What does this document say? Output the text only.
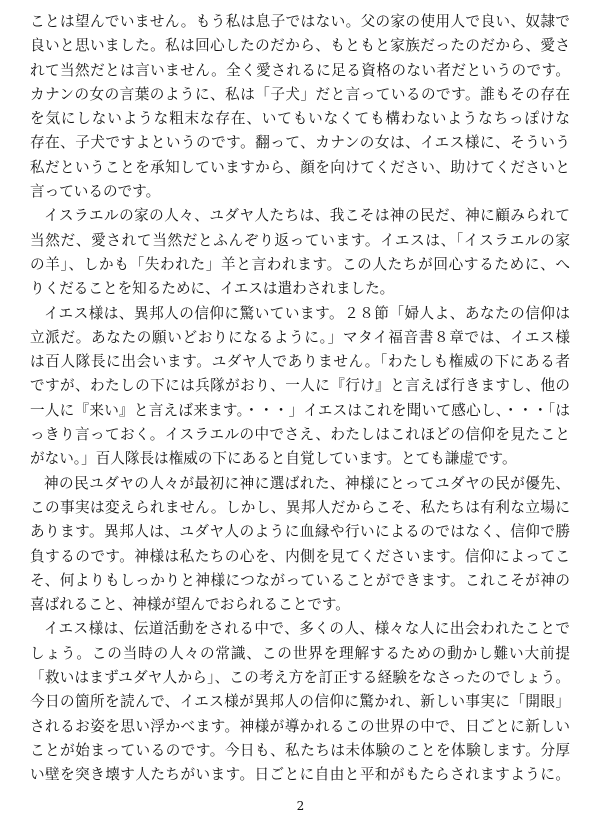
ことは望んでいません。もう私は息子ではない。父の家の使用人で良い、奴隷で
良いと思いました。私は回心したのだから、もともと家族だったのだから、愛さ
れて当然だとは言いません。全く愛されるに足る資格のない者だというのです。
カナンの女の言葉のように、私は「子犬」だと言っているのです。誰もその存在
を気にしないような粗末な存在、いてもいなくても構わないようなちっぽけな
存在、子犬ですよというのです。翻って、カナンの女は、イエス様に、そういう
私だということを承知していますから、顔を向けてください、助けてくださいと
言っているのです。
イスラエルの家の人々、ユダヤ人たちは、我こそは神の民だ、神に顧みられて
当然だ、愛されて当然だとふんぞり返っています。イエスは、「イスラエルの家
の羊」、しかも「失われた」羊と言われます。この人たちが回心するために、へ
りくだることを知るために、イエスは遣わされました。
イエス様は、異邦人の信仰に驚いています。２８節「婦人よ、あなたの信仰は
立派だ。あなたの願いどおりになるように。」マタイ福音書８章では、イエス様
は百人隊長に出会います。ユダヤ人でありません。「わたしも権威の下にある者
ですが、わたしの下には兵隊がおり、一人に『行け』と言えば行きますし、他の
一人に『来い』と言えば来ます。・・・」イエスはこれを聞いて感心し、・・・「は
っきり言っておく。イスラエルの中でさえ、わたしはこれほどの信仰を見たこと
がない。」百人隊長は権威の下にあると自覚しています。とても謙虚です。
神の民ユダヤの人々が最初に神に選ばれた、神様にとってユダヤの民が優先、
この事実は変えられません。しかし、異邦人だからこそ、私たちは有利な立場に
あります。異邦人は、ユダヤ人のように血縁や行いによるのではなく、信仰で勝
負するのです。神様は私たちの心を、内側を見てくださいます。信仰によってこ
そ、何よりもしっかりと神様につながっていることができます。これこそが神の
喜ばれること、神様が望んでおられることです。
イエス様は、伝道活動をされる中で、多くの人、様々な人に出会われたことで
しょう。この当時の人々の常識、この世界を理解するための動かし難い大前提
「救いはまずユダヤ人から」、この考え方を訂正する経験をなさったのでしょう。
今日の箇所を読んで、イエス様が異邦人の信仰に驚かれ、新しい事実に「開眼」
されるお姿を思い浮かべます。神様が導かれるこの世界の中で、日ごとに新しい
ことが始まっているのです。今日も、私たちは未体験のことを体験します。分厚
い壁を突き壊す人たちがいます。日ごとに自由と平和がもたらされますように。
2
